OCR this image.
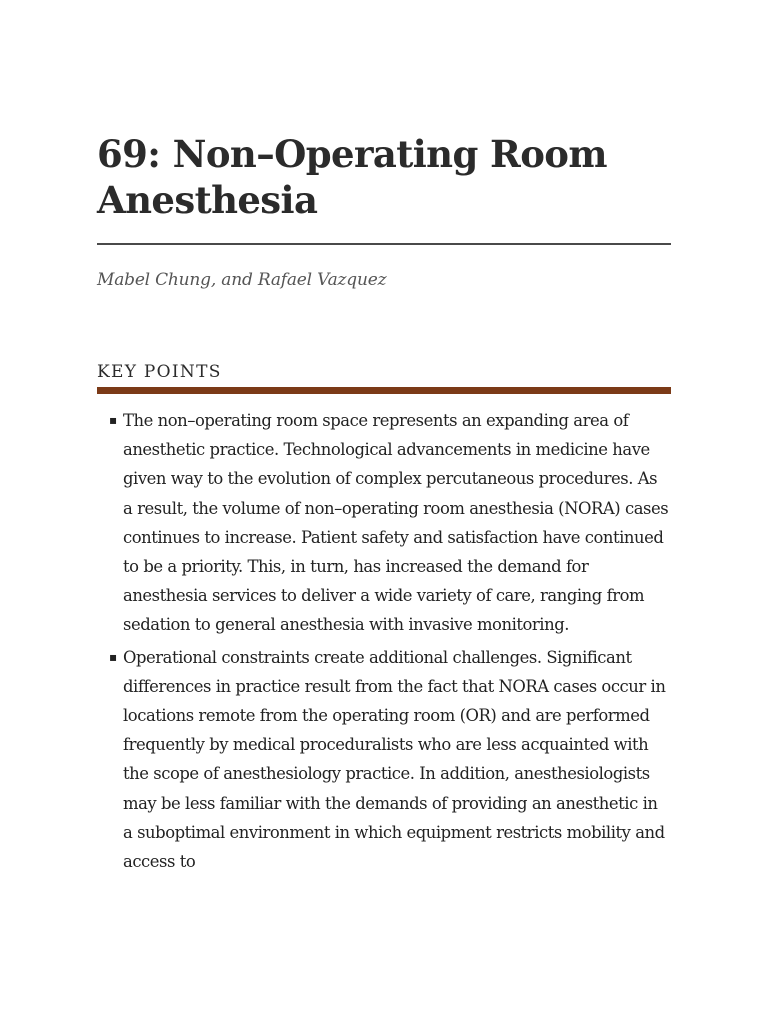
69: Non–Operating Room Anesthesia

Mabel Chung, and Rafael Vazquez

KEY POINTS
▪ The non–operating room space represents an expanding area of anesthetic practice. Technological advancements in medicine have given way to the evolution of complex percutaneous procedures. As a result, the volume of non–operating room anesthesia (NORA) cases continues to increase. Patient safety and satisfaction have continued to be a priority. This, in turn, has increased the demand for anesthesia services to deliver a wide variety of care, ranging from sedation to general anesthesia with invasive monitoring.
▪ Operational constraints create additional challenges. Significant differences in practice result from the fact that NORA cases occur in locations remote from the operating room (OR) and are performed frequently by medical proceduralists who are less acquainted with the scope of anesthesiology practice. In addition, anesthesiologists may be less familiar with the demands of providing an anesthetic in a suboptimal environment in which equipment restricts mobility and access to
